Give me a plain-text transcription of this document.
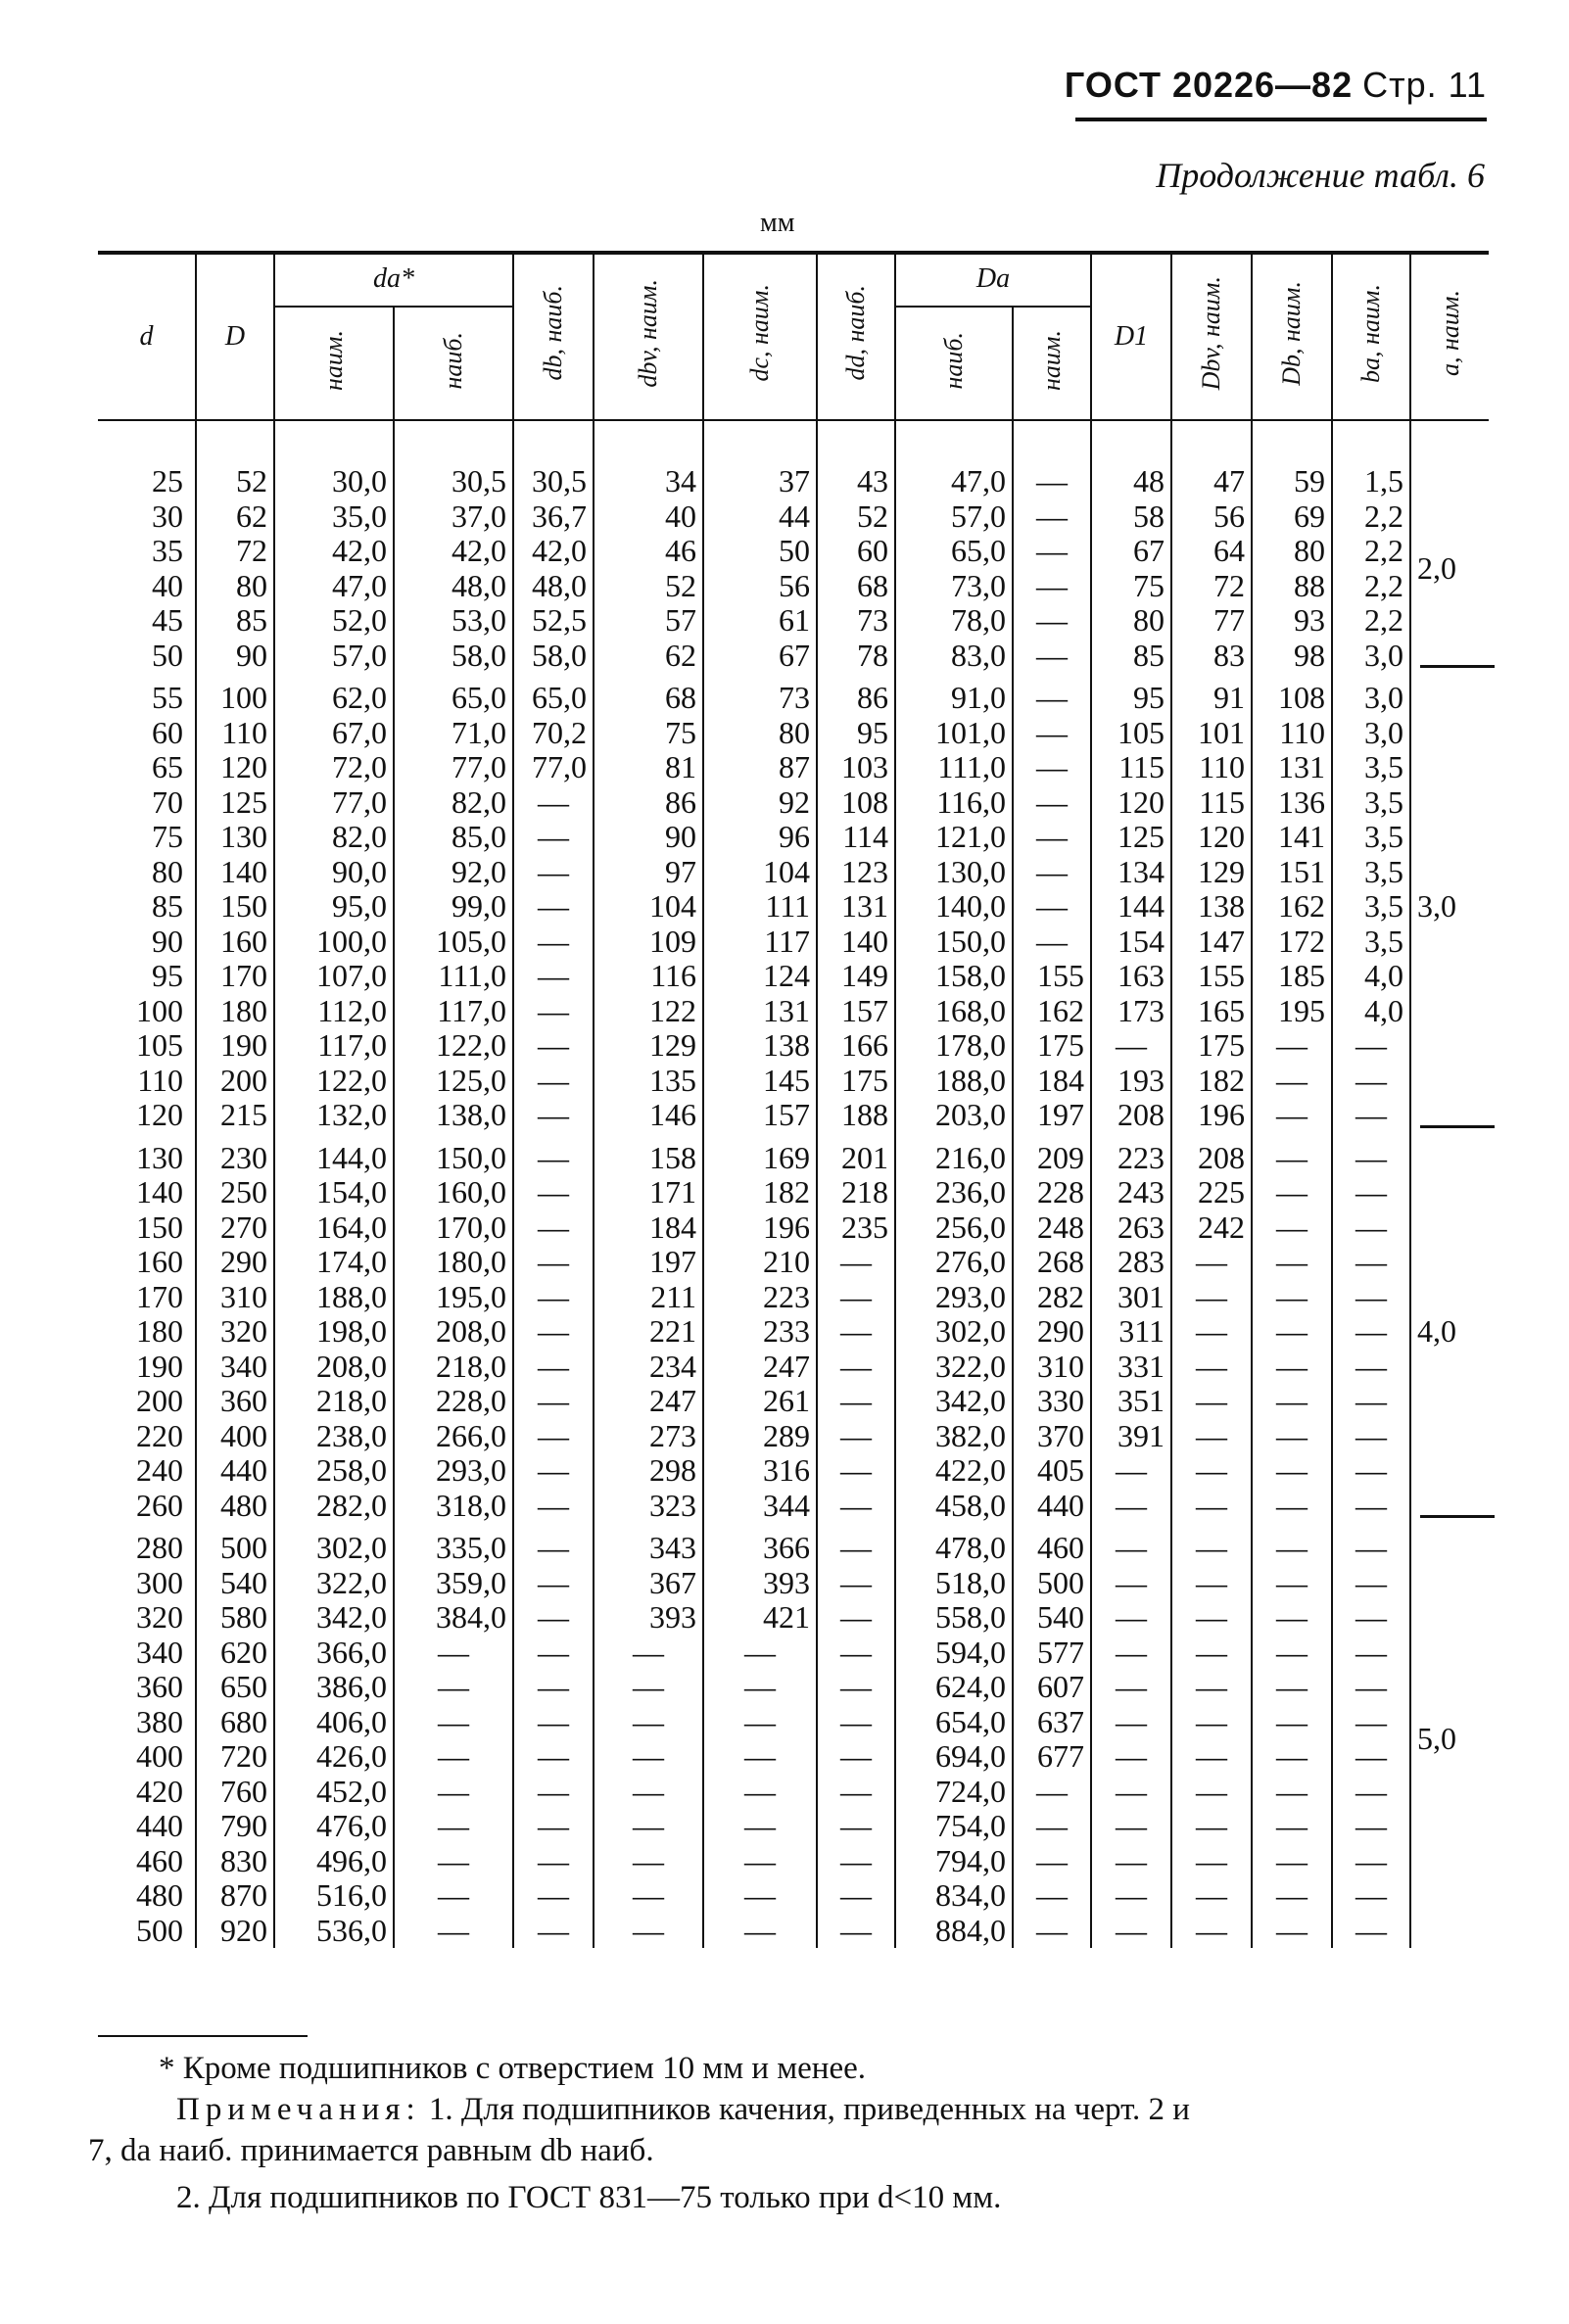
ГОСТ 20226—82 Стр. 11
Продолжение табл. 6
мм
d	D	da*		db, наиб.	dbv, наим.	dc, наим.	dd, наиб.	Da		D1	Dbv, наим.	Db, наим.	ba, наим.	a, наим.
		наим.	наиб.					наиб.	наим.					

25	52	30,0	30,5	30,5	34	37	43	47,0	—	48	47	59	1,5	2,0
30	62	35,0	37,0	36,7	40	44	52	57,0	—	58	56	69	2,2	
35	72	42,0	42,0	42,0	46	50	60	65,0	—	67	64	80	2,2	
40	80	47,0	48,0	48,0	52	56	68	73,0	—	75	72	88	2,2	
45	85	52,0	53,0	52,5	57	61	73	78,0	—	80	77	93	2,2	
50	90	57,0	58,0	58,0	62	67	78	83,0	—	85	83	98	3,0	
55	100	62,0	65,0	65,0	68	73	86	91,0	—	95	91	108	3,0	3,0
60	110	67,0	71,0	70,2	75	80	95	101,0	—	105	101	110	3,0	
65	120	72,0	77,0	77,0	81	87	103	111,0	—	115	110	131	3,5	
70	125	77,0	82,0	—	86	92	108	116,0	—	120	115	136	3,5	
75	130	82,0	85,0	—	90	96	114	121,0	—	125	120	141	3,5	
80	140	90,0	92,0	—	97	104	123	130,0	—	134	129	151	3,5	
85	150	95,0	99,0	—	104	111	131	140,0	—	144	138	162	3,5	
90	160	100,0	105,0	—	109	117	140	150,0	—	154	147	172	3,5	
95	170	107,0	111,0	—	116	124	149	158,0	155	163	155	185	4,0	
100	180	112,0	117,0	—	122	131	157	168,0	162	173	165	195	4,0	
105	190	117,0	122,0	—	129	138	166	178,0	175	—	175	—	—	
110	200	122,0	125,0	—	135	145	175	188,0	184	193	182	—	—	
120	215	132,0	138,0	—	146	157	188	203,0	197	208	196	—	—	
130	230	144,0	150,0	—	158	169	201	216,0	209	223	208	—	—	4,0
140	250	154,0	160,0	—	171	182	218	236,0	228	243	225	—	—	
150	270	164,0	170,0	—	184	196	235	256,0	248	263	242	—	—	
160	290	174,0	180,0	—	197	210	—	276,0	268	283	—	—	—	
170	310	188,0	195,0	—	211	223	—	293,0	282	301	—	—	—	
180	320	198,0	208,0	—	221	233	—	302,0	290	311	—	—	—	
190	340	208,0	218,0	—	234	247	—	322,0	310	331	—	—	—	
200	360	218,0	228,0	—	247	261	—	342,0	330	351	—	—	—	
220	400	238,0	266,0	—	273	289	—	382,0	370	391	—	—	—	
240	440	258,0	293,0	—	298	316	—	422,0	405	—	—	—	—	
260	480	282,0	318,0	—	323	344	—	458,0	440	—	—	—	—	
280	500	302,0	335,0	—	343	366	—	478,0	460	—	—	—	—	5,0
300	540	322,0	359,0	—	367	393	—	518,0	500	—	—	—	—	
320	580	342,0	384,0	—	393	421	—	558,0	540	—	—	—	—	
340	620	366,0	—	—	—	—	—	594,0	577	—	—	—	—	
360	650	386,0	—	—	—	—	—	624,0	607	—	—	—	—	
380	680	406,0	—	—	—	—	—	654,0	637	—	—	—	—	
400	720	426,0	—	—	—	—	—	694,0	677	—	—	—	—	
420	760	452,0	—	—	—	—	—	724,0	—	—	—	—	—	
440	790	476,0	—	—	—	—	—	754,0	—	—	—	—	—	
460	830	496,0	—	—	—	—	—	794,0	—	—	—	—	—	
480	870	516,0	—	—	—	—	—	834,0	—	—	—	—	—	
500	920	536,0	—	—	—	—	—	884,0	—	—	—	—	—	
* Кроме подшипников с отверстием 10 мм и менее.
Примечания: 1. Для подшипников качения, приведенных на черт. 2 и
7, da наиб. принимается равным db наиб.
2. Для подшипников по ГОСТ 831—75 только при d<10 мм.
